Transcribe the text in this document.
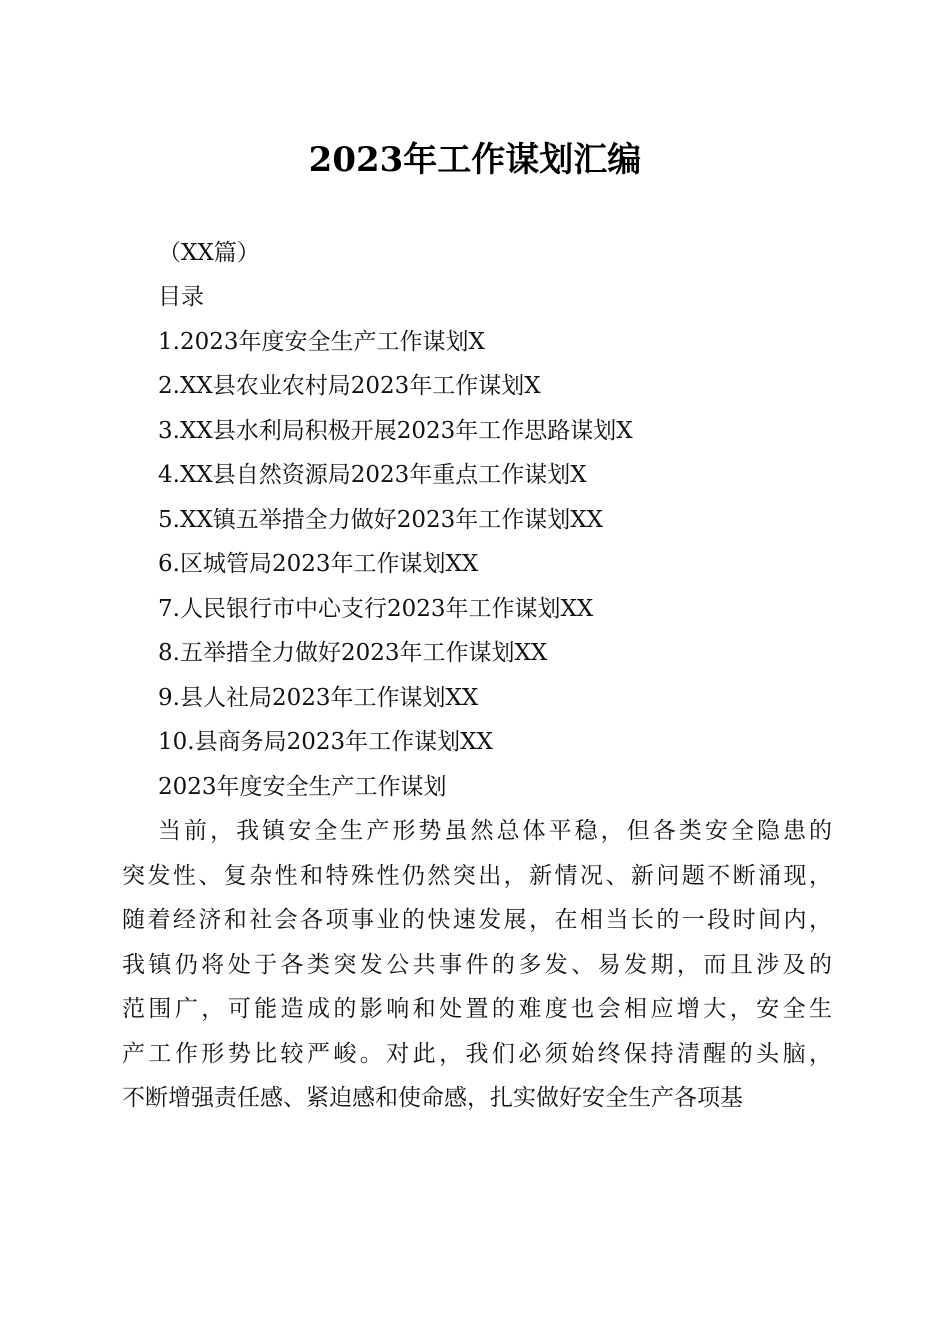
2023年工作谋划汇编
（XX篇）
目录
1.2023年度安全生产工作谋划X
2.XX县农业农村局2023年工作谋划X
3.XX县水利局积极开展2023年工作思路谋划X
4.XX县自然资源局2023年重点工作谋划X
5.XX镇五举措全力做好2023年工作谋划XX
6.区城管局2023年工作谋划XX
7.人民银行市中心支行2023年工作谋划XX
8.五举措全力做好2023年工作谋划XX
9.县人社局2023年工作谋划XX
10.县商务局2023年工作谋划XX
2023年度安全生产工作谋划
当前，我镇安全生产形势虽然总体平稳，但各类安全隐患的
突发性、复杂性和特殊性仍然突出，新情况、新问题不断涌现，
随着经济和社会各项事业的快速发展，在相当长的一段时间内，
我镇仍将处于各类突发公共事件的多发、易发期，而且涉及的
范围广，可能造成的影响和处置的难度也会相应增大，安全生
产工作形势比较严峻。对此，我们必须始终保持清醒的头脑，
不断增强责任感、紧迫感和使命感，扎实做好安全生产各项基
